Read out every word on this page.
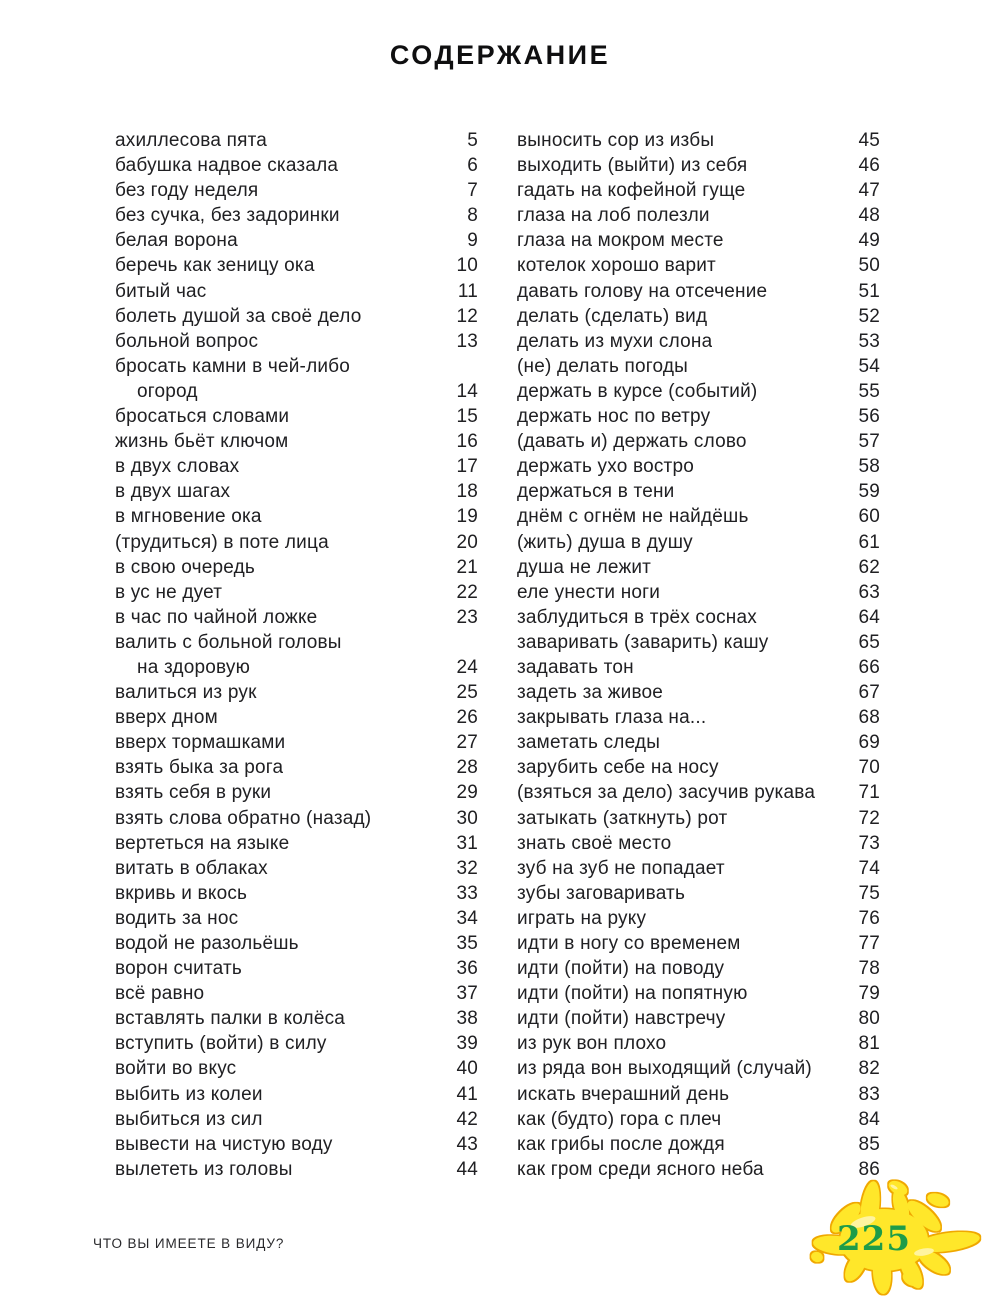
СОДЕРЖАНИЕ
ахиллесова пята	5
бабушка надвое сказала	6
без году неделя	7
без сучка, без задоринки	8
белая ворона	9
беречь как зеницу ока	10
битый час	11
болеть душой за своё дело	12
больной вопрос	13
бросать камни в чей-либо
огород	14
бросаться словами	15
жизнь бьёт ключом	16
в двух словах	17
в двух шагах	18
в мгновение ока	19
(трудиться) в поте лица	20
в свою очередь	21
в ус не дует	22
в час по чайной ложке	23
валить с больной головы
на здоровую	24
валиться из рук	25
вверх дном	26
вверх тормашками	27
взять быка за рога	28
взять себя в руки	29
взять слова обратно (назад)	30
вертеться на языке	31
витать в облаках	32
вкривь и вкось	33
водить за нос	34
водой не разольёшь	35
ворон считать	36
всё равно	37
вставлять палки в колёса	38
вступить (войти) в силу	39
войти во вкус	40
выбить из колеи	41
выбиться из сил	42
вывести на чистую воду	43
вылететь из головы	44
выносить сор из избы	45
выходить (выйти) из себя	46
гадать на кофейной гуще	47
глаза на лоб полезли	48
глаза на мокром месте	49
котелок хорошо варит	50
давать голову на отсечение	51
делать (сделать) вид	52
делать из мухи слона	53
(не) делать погоды	54
держать в курсе (событий)	55
держать нос по ветру	56
(давать и) держать слово	57
держать ухо востро	58
держаться в тени	59
днём с огнём не найдёшь	60
(жить) душа в душу	61
душа не лежит	62
еле унести ноги	63
заблудиться в трёх соснах	64
заваривать (заварить) кашу	65
задавать тон	66
задеть за живое	67
закрывать глаза на...	68
заметать следы	69
зарубить себе на носу	70
(взяться за дело) засучив рукава 71
затыкать (заткнуть) рот	72
знать своё место	73
зуб на зуб не попадает	74
зубы заговаривать	75
играть на руку	76
идти в ногу со временем	77
идти (пойти) на поводу	78
идти (пойти) на попятную	79
идти (пойти) навстречу	80
из рук вон плохо	81
из ряда вон выходящий (случай) 82
искать вчерашний день	83
как (будто) гора с плеч	84
как грибы после дождя	85
как гром среди ясного неба	86
ЧТО ВЫ ИМЕЕТЕ В ВИДУ?	225
